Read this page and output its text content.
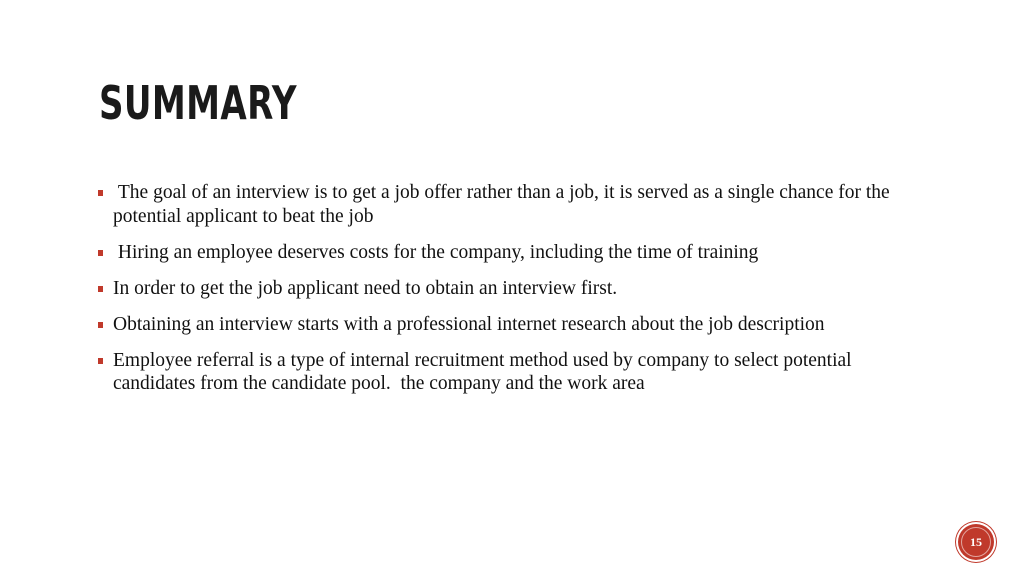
SUMMARY
The goal of an interview is to get a job offer rather than a job, it is served as a single chance for the potential applicant to beat the job
Hiring an employee deserves costs for the company, including the time of training
In order to get the job applicant need to obtain an interview first.
Obtaining an interview starts with a professional internet research about the job description
Employee referral is a type of internal recruitment method used by company to select potential candidates from the candidate pool.  the company and the work area
15
